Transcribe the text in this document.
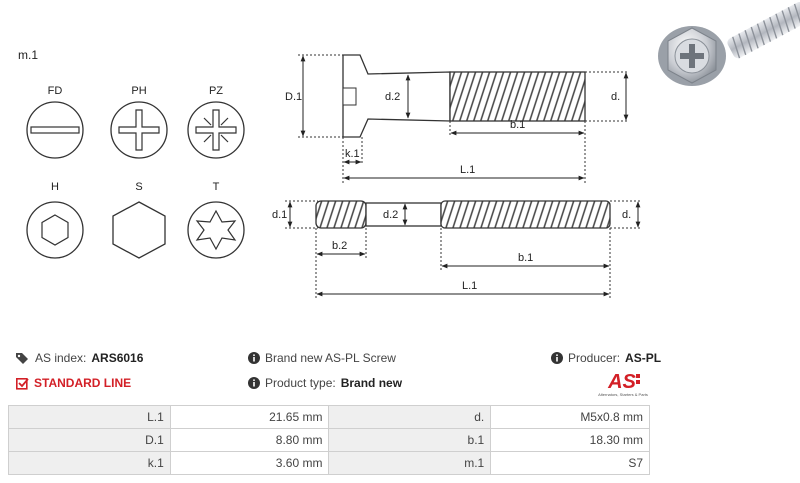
m.1
FD	PH	PZ
H	S	T
D.1	d.2	d.
b.1
k.1
L.1
d.1	d.2	d.
b.2
b.1
L.1
AS index: ARS6016
STANDARD LINE
Brand new AS-PL Screw
Product type: Brand new
Producer: AS-PL
AS
Alternators, Starters & Parts
L.1	21.65 mm	d.	M5x0.8 mm
D.1	8.80 mm	b.1	18.30 mm
k.1	3.60 mm	m.1	S7
